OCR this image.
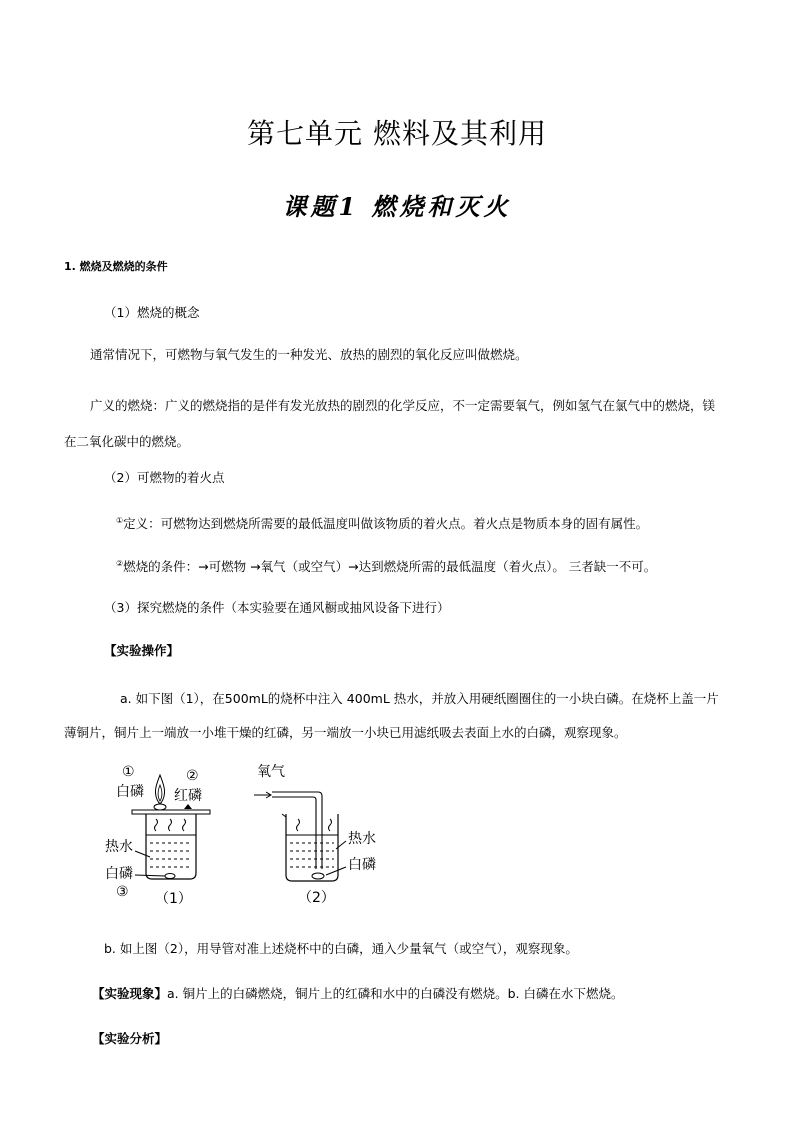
第七单元 燃料及其利用
课题1 燃烧和灭火
1. 燃烧及燃烧的条件
（1）燃烧的概念
通常情况下，可燃物与氧气发生的一种发光、放热的剧烈的氧化反应叫做燃烧。
广义的燃烧：广义的燃烧指的是伴有发光放热的剧烈的化学反应，不一定需要氧气，例如氢气在氯气中的燃烧，镁在二氧化碳中的燃烧。
（2）可燃物的着火点
①定义：可燃物达到燃烧所需要的最低温度叫做该物质的着火点。着火点是物质本身的固有属性。
②燃烧的条件：→可燃物 →氧气（或空气）→达到燃烧所需的最低温度（着火点）。 三者缺一不可。
（3）探究燃烧的条件（本实验要在通风橱或抽风设备下进行）
【实验操作】
a. 如下图（1），在500mL的烧杯中注入 400mL 热水，并放入用硬纸圈圈住的一小块白磷。在烧杯上盖一片薄铜片，铜片上一端放一小堆干燥的红磷，另一端放一小块已用滤纸吸去表面上水的白磷，观察现象。
①
白磷
②
红磷
热水
白磷
③ （1）
氧气
热水
白磷
（2）
b. 如上图（2），用导管对准上述烧杯中的白磷，通入少量氧气（或空气），观察现象。
【实验现象】a. 铜片上的白磷燃烧，铜片上的红磷和水中的白磷没有燃烧。b. 白磷在水下燃烧。
【实验分析】
